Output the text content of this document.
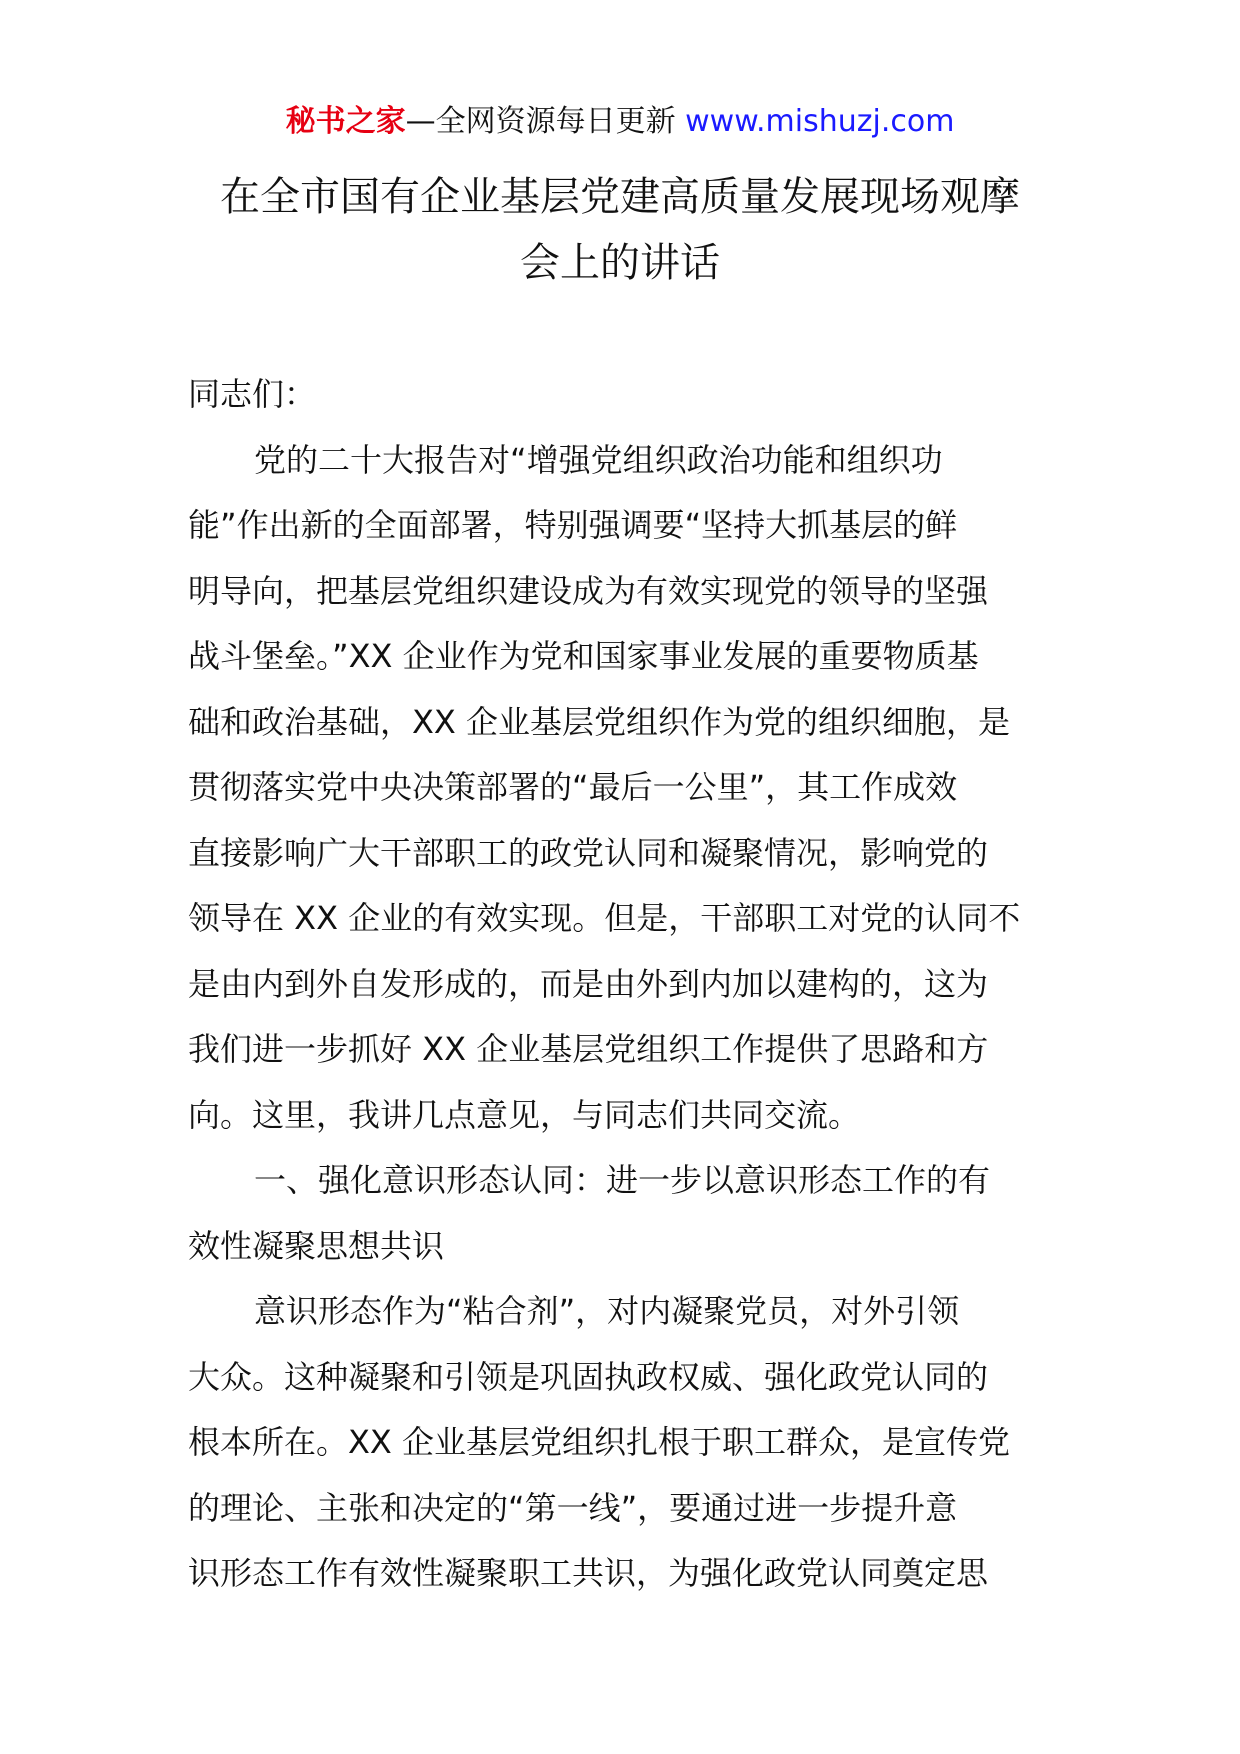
秘书之家—全网资源每日更新 www.mishuzj.com
在全市国有企业基层党建高质量发展现场观摩
会上的讲话
同志们：
党的二十大报告对“增强党组织政治功能和组织功
能”作出新的全面部署，特别强调要“坚持大抓基层的鲜
明导向，把基层党组织建设成为有效实现党的领导的坚强
战斗堡垒。”XX 企业作为党和国家事业发展的重要物质基
础和政治基础，XX 企业基层党组织作为党的组织细胞，是
贯彻落实党中央决策部署的“最后一公里”，其工作成效
直接影响广大干部职工的政党认同和凝聚情况，影响党的
领导在 XX 企业的有效实现。但是，干部职工对党的认同不
是由内到外自发形成的，而是由外到内加以建构的，这为
我们进一步抓好 XX 企业基层党组织工作提供了思路和方
向。这里，我讲几点意见，与同志们共同交流。
一、强化意识形态认同：进一步以意识形态工作的有
效性凝聚思想共识
意识形态作为“粘合剂”，对内凝聚党员，对外引领
大众。这种凝聚和引领是巩固执政权威、强化政党认同的
根本所在。XX 企业基层党组织扎根于职工群众，是宣传党
的理论、主张和决定的“第一线”，要通过进一步提升意
识形态工作有效性凝聚职工共识，为强化政党认同奠定思
